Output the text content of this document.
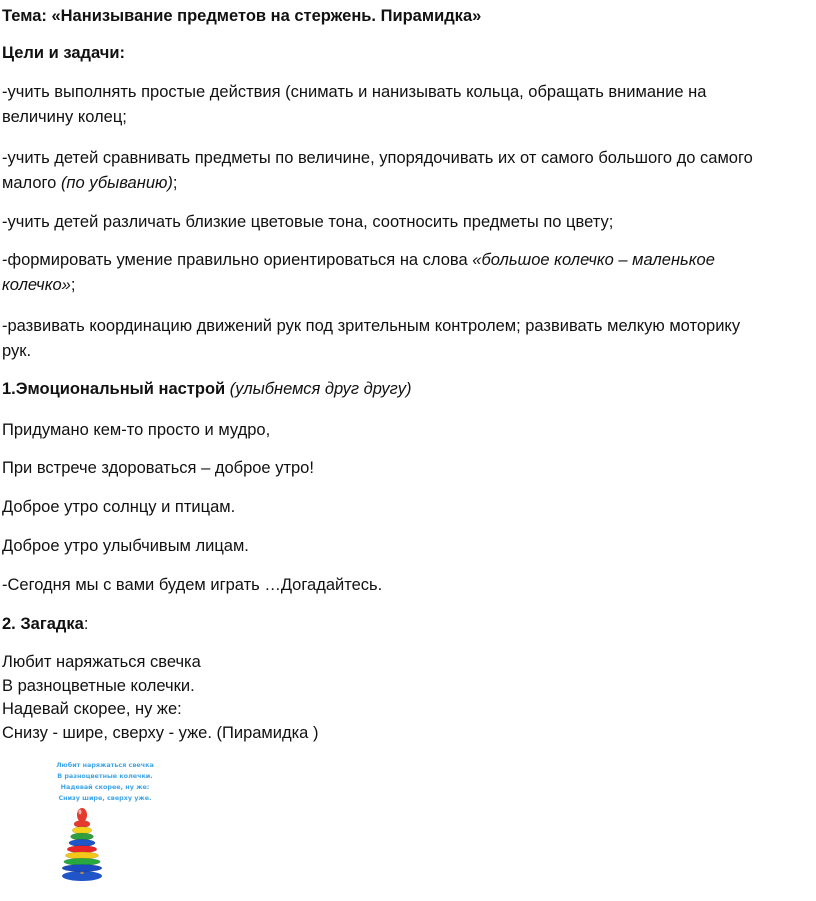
Тема: «Нанизывание предметов на стержень. Пирамидка»
Цели и задачи:
-учить выполнять простые действия (снимать и нанизывать кольца, обращать внимание на
величину колец;
-учить детей сравнивать предметы по величине, упорядочивать их от самого большого до самого
малого (по убыванию);
-учить детей различать близкие цветовые тона, соотносить предметы по цвету;
-формировать умение правильно ориентироваться на слова «большое колечко – маленькое
колечко»;
-развивать координацию движений рук под зрительным контролем; развивать мелкую моторику
рук.
1.Эмоциональный настрой (улыбнемся друг другу)
Придумано кем-то просто и мудро,
При встрече здороваться – доброе утро!
Доброе утро солнцу и птицам.
Доброе утро улыбчивым лицам.
-Сегодня мы с вами будем играть …Догадайтесь.
2. Загадка:
Любит наряжаться свечка
В разноцветные колечки.
Надевай скорее, ну же:
Снизу - шире, сверху - уже. (Пирамидка )
Любит наряжаться свечка
В разноцветные колечки.
Надевай скорее, ну же:
Снизу шире, сверху уже.
